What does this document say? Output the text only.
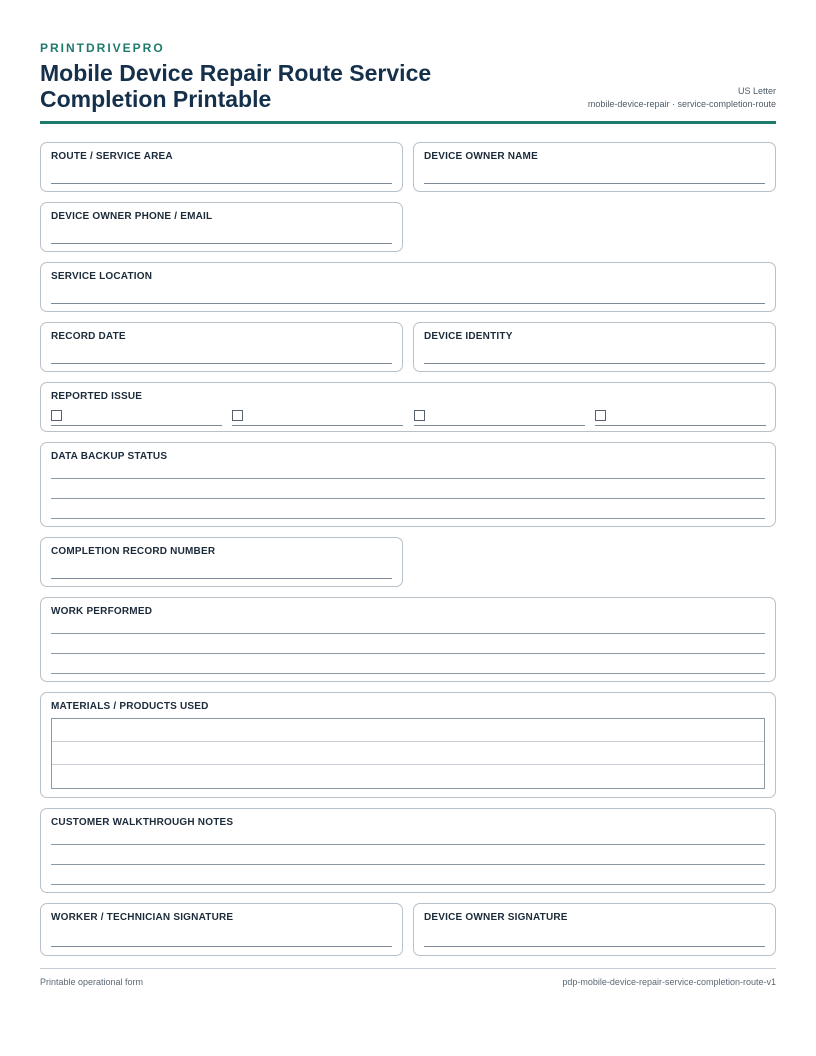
PRINTDRIVEPRO
Mobile Device Repair Route Service Completion Printable	US Letter
mobile-device-repair · service-completion-route
ROUTE / SERVICE AREA	DEVICE OWNER NAME
DEVICE OWNER PHONE / EMAIL
SERVICE LOCATION
RECORD DATE	DEVICE IDENTITY
REPORTED ISSUE
DATA BACKUP STATUS
COMPLETION RECORD NUMBER
WORK PERFORMED
MATERIALS / PRODUCTS USED
CUSTOMER WALKTHROUGH NOTES
WORKER / TECHNICIAN SIGNATURE	DEVICE OWNER SIGNATURE
Printable operational form	pdp-mobile-device-repair-service-completion-route-v1
